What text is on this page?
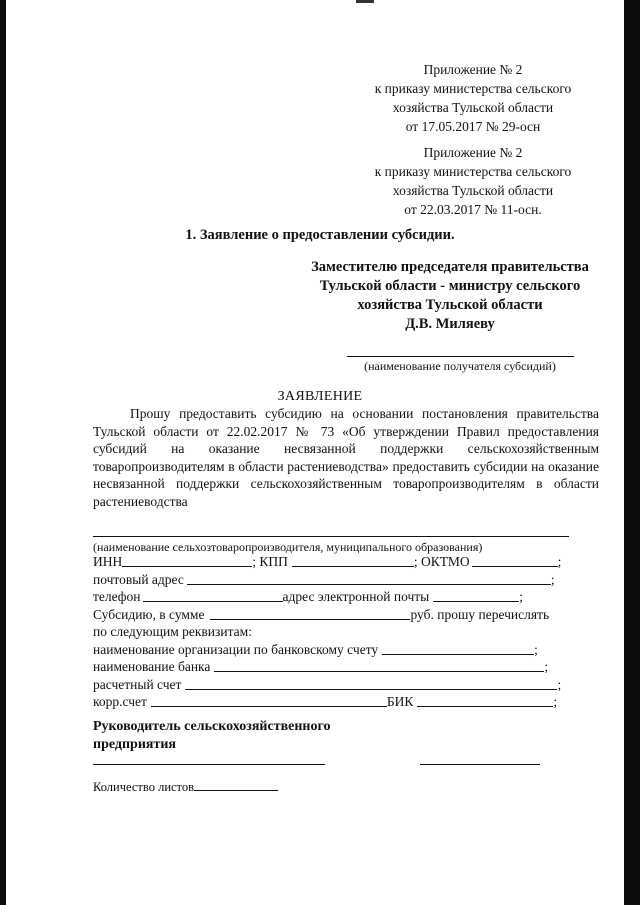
Приложение № 2
к приказу министерства сельского
хозяйства Тульской области
от 17.05.2017 № 29-осн
Приложение № 2
к приказу министерства сельского
хозяйства Тульской области
от 22.03.2017 № 11-осн.
1. Заявление о предоставлении субсидии.
Заместителю председателя правительства
Тульской области - министру сельского
хозяйства Тульской области
Д.В. Миляеву
(наименование получателя субсидий)
ЗАЯВЛЕНИЕ

Прошу предоставить субсидию на основании постановления правительства Тульской области от 22.02.2017 № 73 «Об утверждении Правил предоставления субсидий на оказание несвязанной поддержки сельскохозяйственным товаропроизводителям в области растениеводства» предоставить субсидии на оказание несвязанной поддержки сельскохозяйственным товаропроизводителям в области растениеводства

(наименование сельхозтоваропроизводителя, муниципального образования)
ИНН	; КПП	; ОКТМО	;
почтовый адрес	;
телефон	адрес электронной почты	;
Субсидию, в сумме	руб. прошу перечислять
по следующим реквизитам:
наименование организации по банковскому счету	;
наименование банка	;
расчетный счет	;
корр.счет	БИК	;
Руководитель сельскохозяйственного
предприятия
Количество листов
